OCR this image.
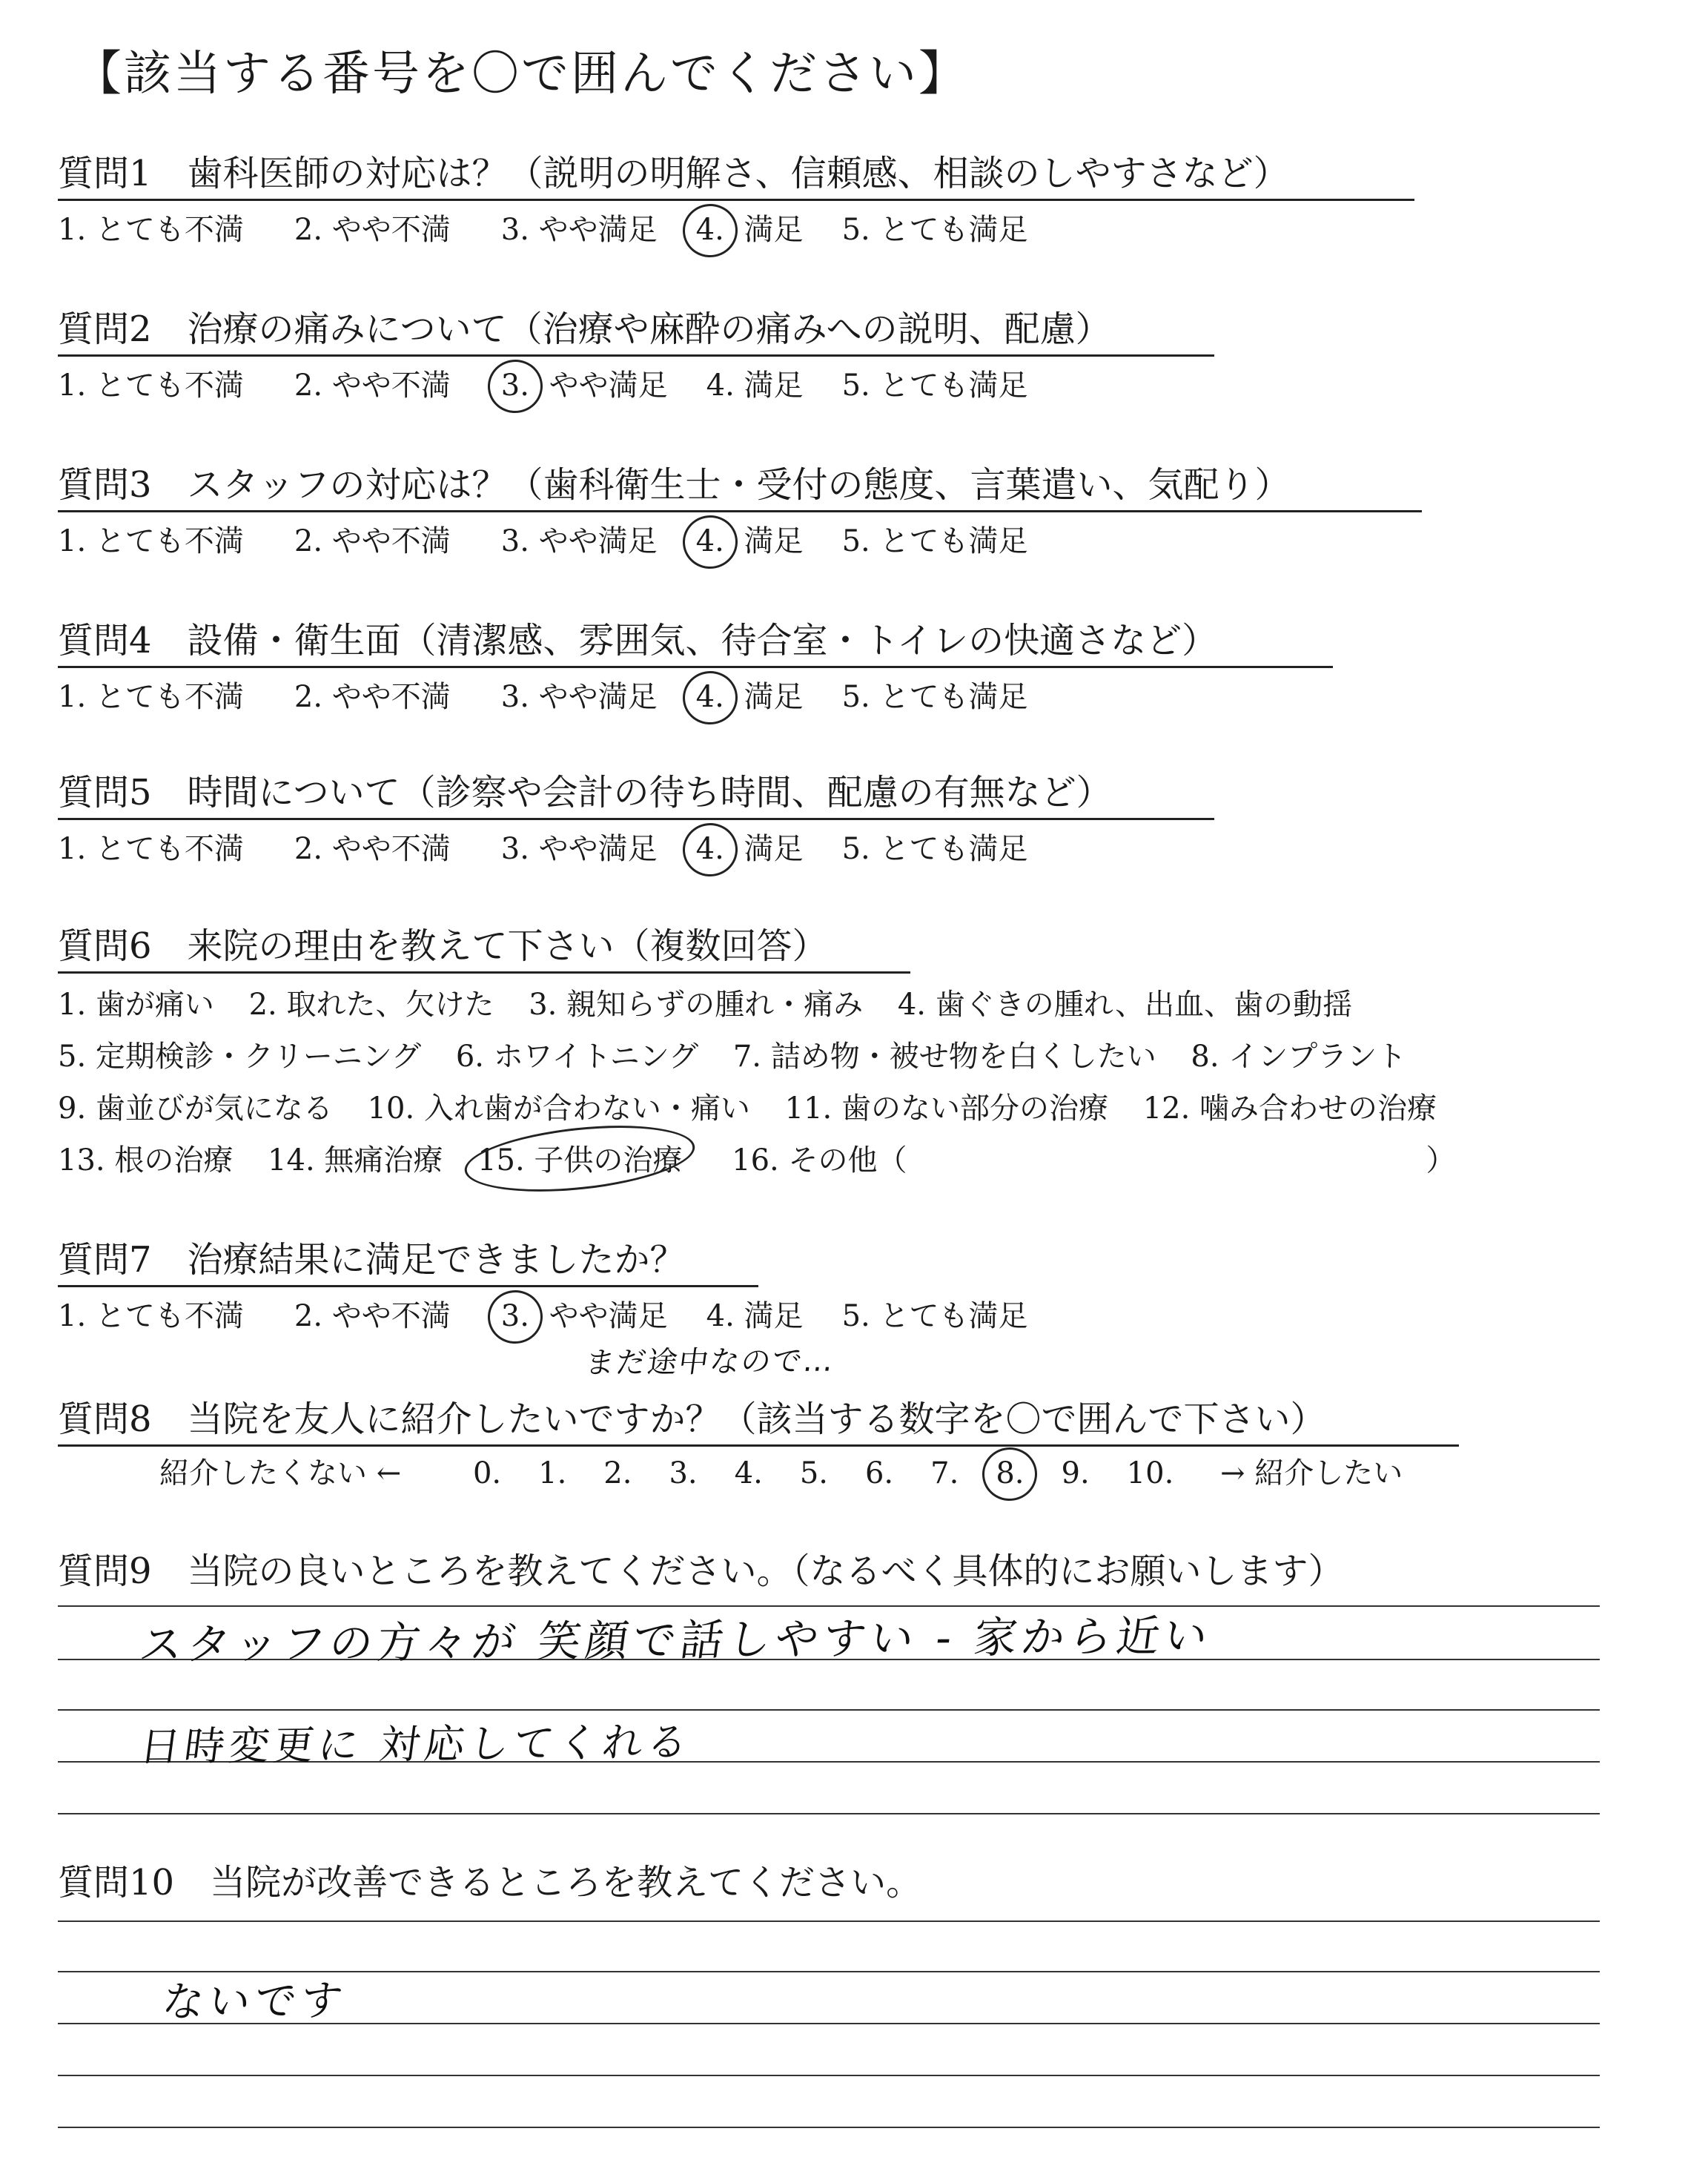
【該当する番号を〇で囲んでください】
質問1　歯科医師の対応は？（説明の明解さ、信頼感、相談のしやすさなど）
1. とても不満 2. やや不満 3. やや満足 4. 満足 5. とても満足
質問2　治療の痛みについて（治療や麻酔の痛みへの説明、配慮）
1. とても不満 2. やや不満 3. やや満足 4. 満足 5. とても満足
質問3　スタッフの対応は？（歯科衛生士・受付の態度、言葉遣い、気配り）
1. とても不満 2. やや不満 3. やや満足 4. 満足 5. とても満足
質問4　設備・衛生面（清潔感、雰囲気、待合室・トイレの快適さなど）
1. とても不満 2. やや不満 3. やや満足 4. 満足 5. とても満足
質問5　時間について（診察や会計の待ち時間、配慮の有無など）
1. とても不満 2. やや不満 3. やや満足 4. 満足 5. とても満足
質問6　来院の理由を教えて下さい（複数回答）
1. 歯が痛い 2. 取れた、欠けた 3. 親知らずの腫れ・痛み 4. 歯ぐきの腫れ、出血、歯の動揺
5. 定期検診・クリーニング 6. ホワイトニング 7. 詰め物・被せ物を白くしたい 8. インプラント
9. 歯並びが気になる 10. 入れ歯が合わない・痛い 11. 歯のない部分の治療 12. 噛み合わせの治療
13. 根の治療 14. 無痛治療 15. 子供の治療 16. その他（	）
質問7　治療結果に満足できましたか？
1. とても不満 2. やや不満 3. やや満足 4. 満足 5. とても満足
まだ途中なので…
質問8　当院を友人に紹介したいですか？（該当する数字を〇で囲んで下さい）
紹介したくない ← 0. 1. 2. 3. 4. 5. 6. 7. 8. 9. 10. → 紹介したい
質問9　当院の良いところを教えてください。（なるべく具体的にお願いします）
スタッフの方々が 笑顔で話しやすい ‐ 家から近い
日時変更に 対応してくれる
質問10　当院が改善できるところを教えてください。
ないです
